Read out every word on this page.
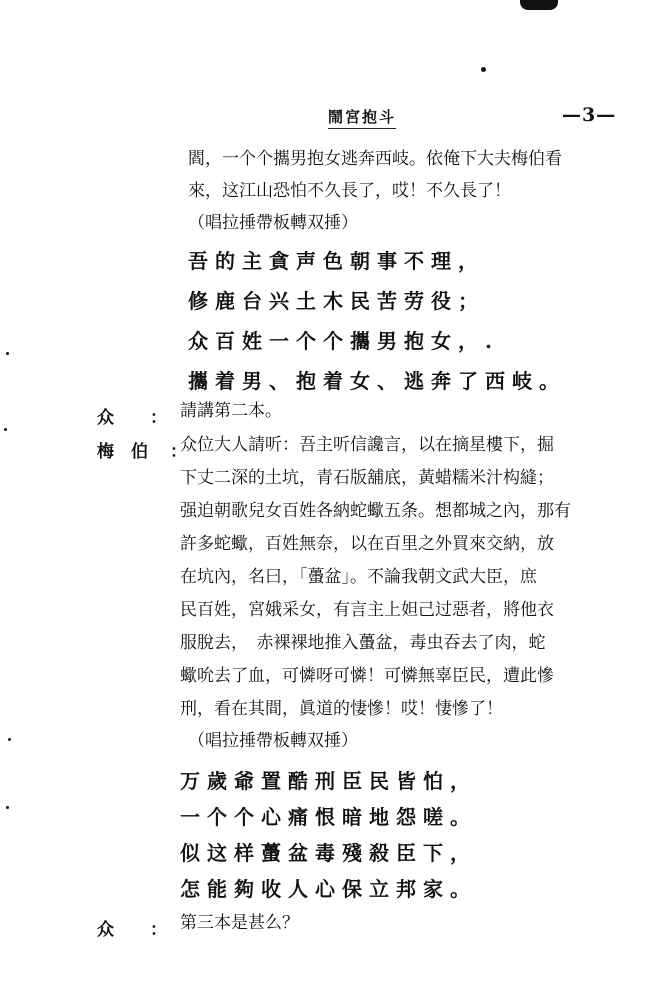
鬧宮抱斗	—3—
閻，一个个攜男抱女逃奔西岐。依俺下大夫梅伯看
來，这江山恐怕不久長了，哎！不久長了！
（唱拉捶帶板轉双捶）
吾的主貪声色朝事不理，
修鹿台兴土木民苦劳役；
众百姓一个个攜男抱女，.
攜着男、抱着女、逃奔了西岐。
众 ： 請講第二本。
梅　伯 ：
众位大人請听：吾主听信讒言，以在摘星樓下，掘
下丈二深的土坑，青石版舖底，黃蜡糯米汁构縫；
强迫朝歌兒女百姓各納蛇蠍五条。想都城之內，那有
許多蛇蠍，百姓無奈，以在百里之外買來交納，放
在坑內，名曰，「蠆盆」。不論我朝文武大臣，庶
民百姓，宮娥采女，有言主上妲己过惡者，將他衣
服脫去，　赤裸裸地推入蠆盆，毒虫吞去了肉，蛇
蠍吮去了血，可憐呀可憐！可憐無辜臣民，遭此慘
刑，看在其間，眞道的悽慘！哎！悽慘了！
（唱拉捶帶板轉双捶）
万歲爺置酷刑臣民皆怕，
一个个心痛恨暗地怨嗟。
似这样蠆盆毒殘殺臣下，
怎能夠收人心保立邦家。
众 ： 第三本是甚么？
